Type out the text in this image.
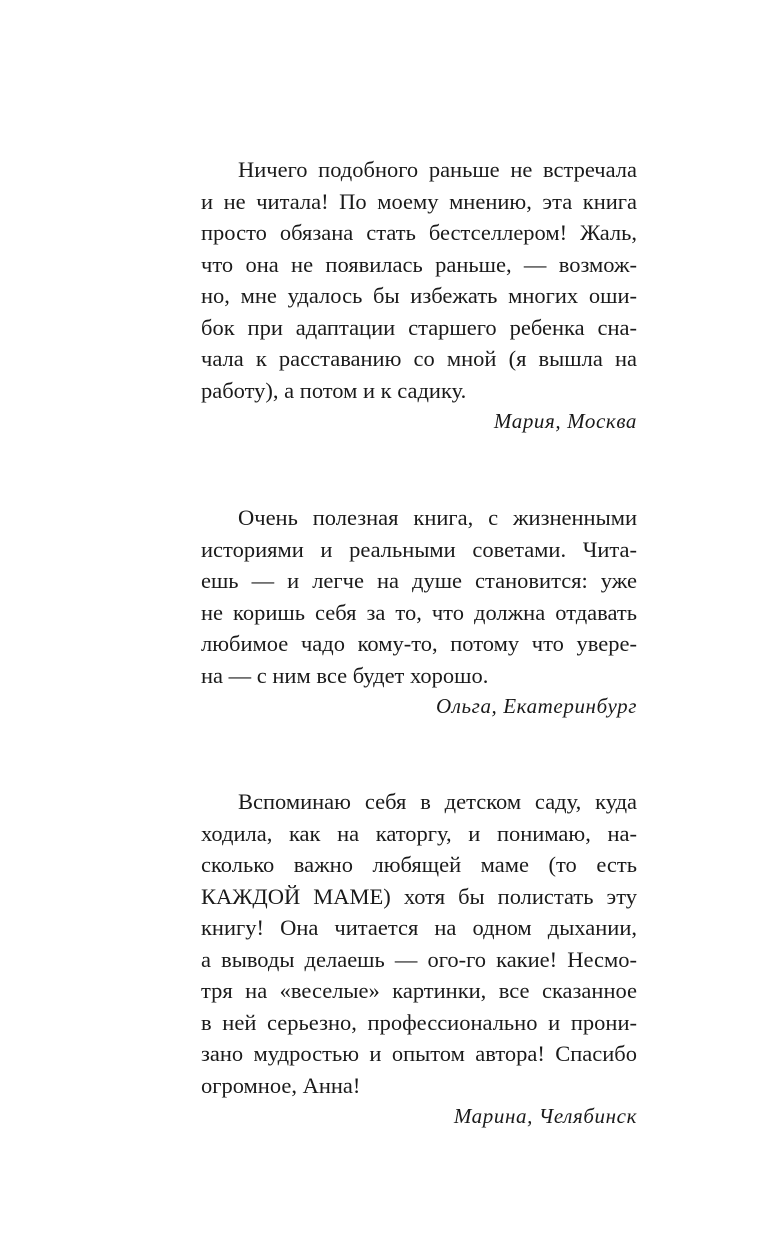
Ничего подобного раньше не встречала
и не читала! По моему мнению, эта книга
просто обязана стать бестселлером! Жаль,
что она не появилась раньше, — возмож-
но, мне удалось бы избежать многих оши-
бок при адаптации старшего ребенка сна-
чала к расставанию со мной (я вышла на
работу), а потом и к садику.

Мария, Москва

Очень полезная книга, с жизненными
историями и реальными советами. Чита-
ешь — и легче на душе становится: уже
не коришь себя за то, что должна отдавать
любимое чадо кому-то, потому что увере-
на — с ним все будет хорошо.

Ольга, Екатеринбург

Вспоминаю себя в детском саду, куда
ходила, как на каторгу, и понимаю, на-
сколько важно любящей маме (то есть
КАЖДОЙ МАМЕ) хотя бы полистать эту
книгу! Она читается на одном дыхании,
а выводы делаешь — ого-го какие! Несмо-
тря на «веселые» картинки, все сказанное
в ней серьезно, профессионально и прони-
зано мудростью и опытом автора! Спасибо
огромное, Анна!

Марина, Челябинск
